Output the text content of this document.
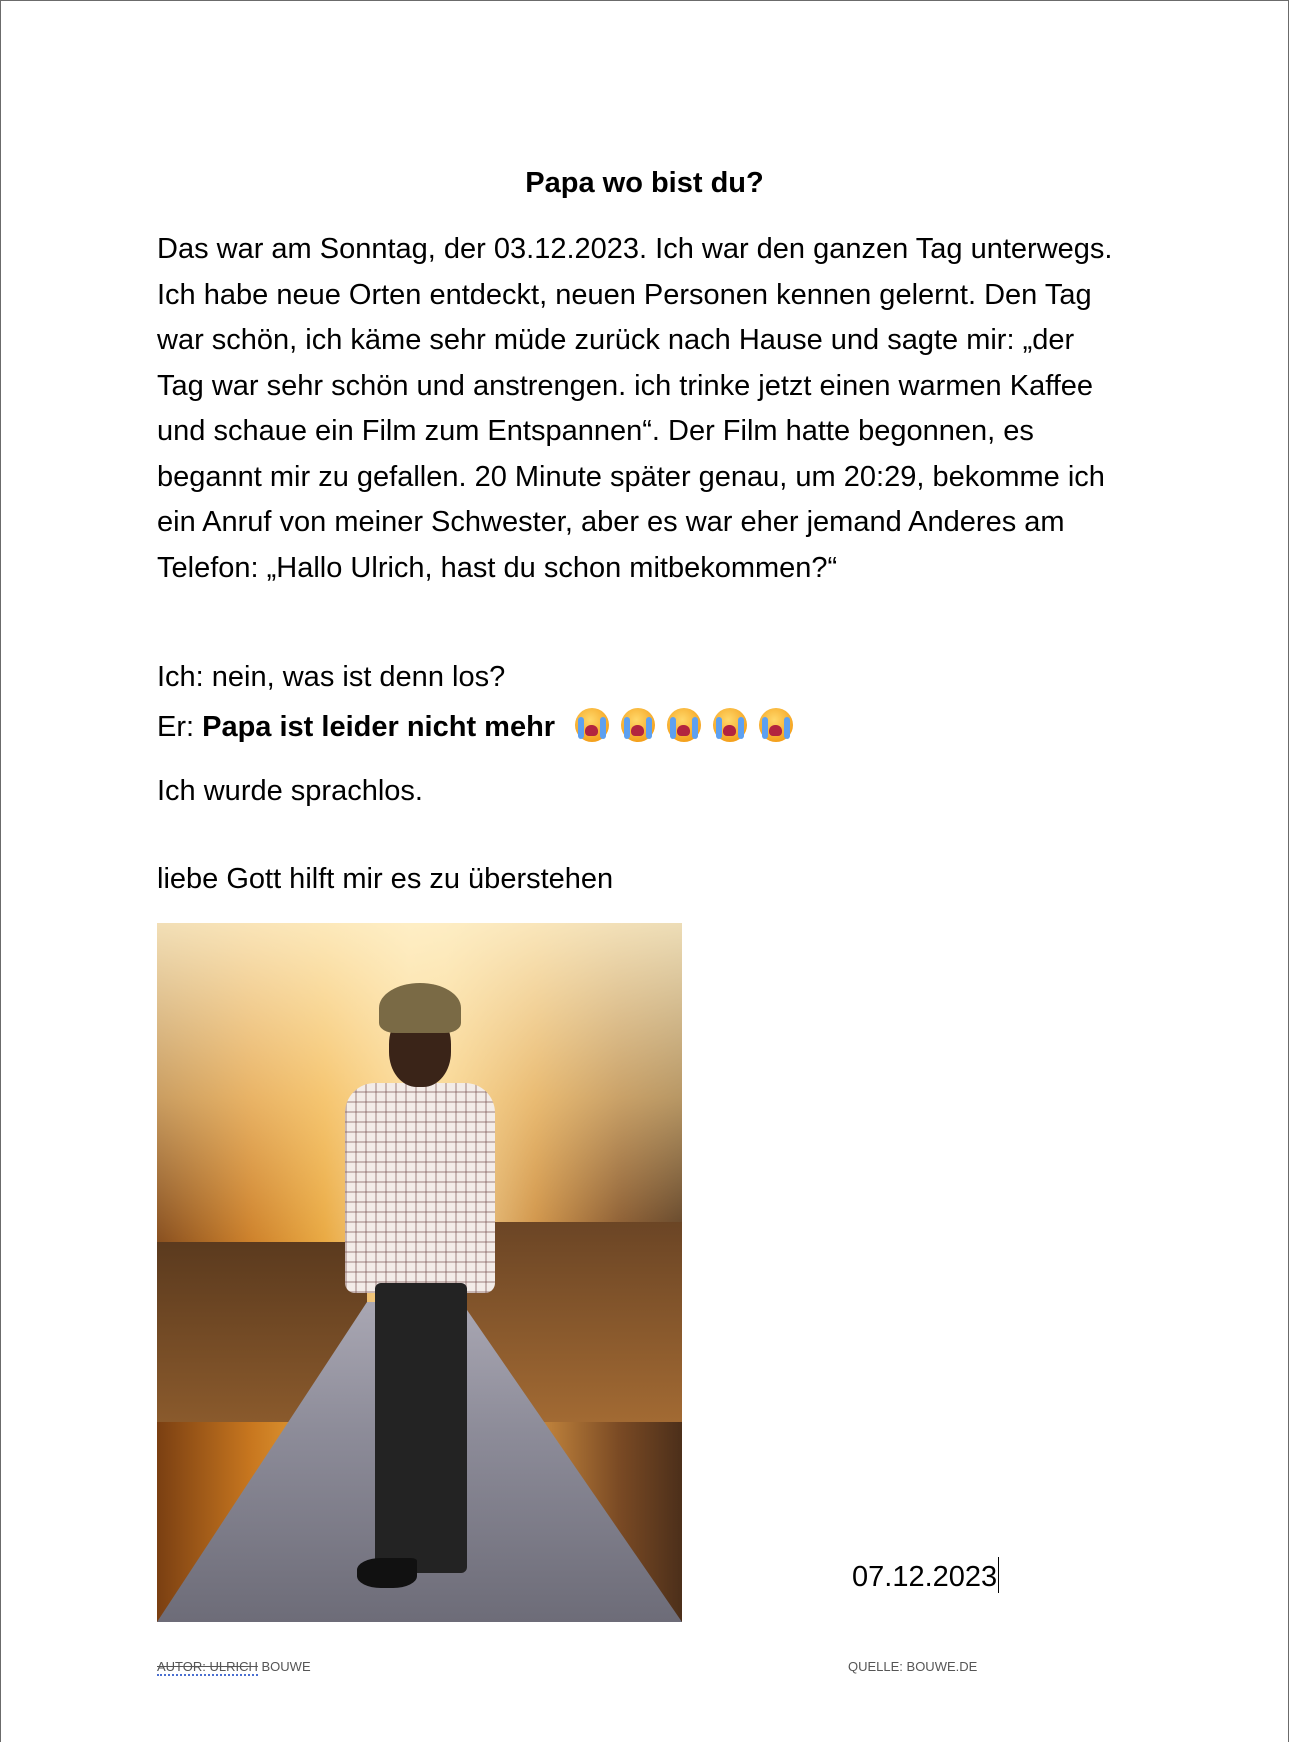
Papa wo bist du?
Das war am Sonntag, der 03.12.2023. Ich war den ganzen Tag unterwegs. Ich habe neue Orten entdeckt, neuen Personen kennen gelernt. Den Tag war schön, ich käme sehr müde zurück nach Hause und sagte mir: „der Tag war sehr schön und anstrengen. ich trinke jetzt einen warmen Kaffee und schaue ein Film zum Entspannen“. Der Film hatte begonnen, es begannt mir zu gefallen. 20 Minute später genau, um 20:29, bekomme ich ein Anruf von meiner Schwester, aber es war eher jemand Anderes am Telefon: „Hallo Ulrich, hast du schon mitbekommen?“
Ich: nein, was ist denn los?
Er: Papa ist leider nicht mehr
Ich wurde sprachlos.
liebe Gott hilft mir es zu überstehen
07.12.2023
AUTOR: ULRICH BOUWE	QUELLE: BOUWE.DE
